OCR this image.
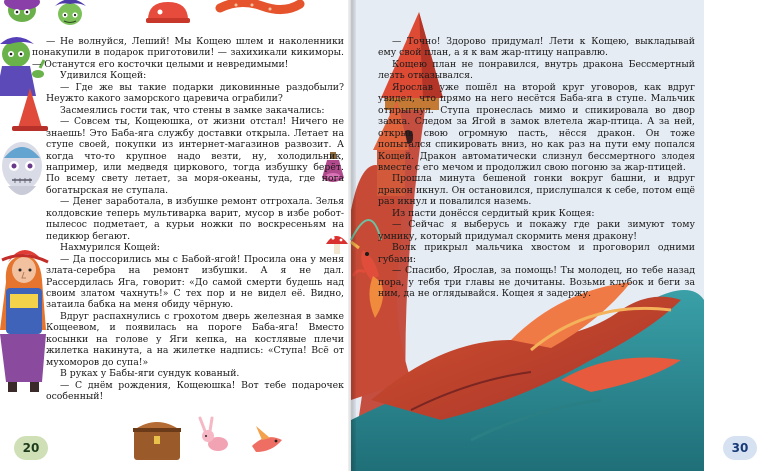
— Не волнуйся, Леший! Мы Кощею шлем и наколенники понакупили в подарок приготовили! — захихикали кикиморы. — Останутся его косточки целыми и невредимыми!

Удивился Кощей:

— Где же вы такие подарки диковинные раздобыли? Неужто какого заморского царевича ограбили?

Засмеялись гости так, что стены в замке закачались:

— Совсем ты, Кощеюшка, от жизни отстал! Ничего не знаешь! Это Баба-яга службу доставки открыла. Летает на ступе своей, покупки из интернет-магазинов развозит. А когда что-то крупное надо везти, ну, холодильник, например, или медведя циркового, тогда избушку берёт. По всему свету летает, за моря-океаны, туда, где нога богатырская не ступала.

— Денег заработала, в избушке ремонт отгрохала. Зелья колдовские теперь мультиварка варит, мусор в избе робот-пылесос подметает, а курьи ножки по воскресеньям на педикюр бегают.

Нахмурился Кощей:

— Да поссорились мы с Бабой-ягой! Просила она у меня злата-серебра на ремонт избушки. А я не дал. Рассердилась Яга, говорит: «До самой смерти будешь над своим златом чахнуть!» С тех пор и не видел её. Видно, затаила бабка на меня обиду чёрную.

Вдруг распахнулись с грохотом дверь железная в замке Кощеевом, и появилась на пороге Баба-яга! Вместо косынки на голове у Яги кепка, на костлявые плечи жилетка накинута, а на жилетке надпись: «Ступа! Всё от мухоморов до супа!»

В руках у Бабы-яги сундук кованый.

— С днём рождения, Кощеюшка! Вот тебе подарочек особенный!

20	30

— Точно! Здорово придумал! Лети к Кощею, выкладывай ему свой план, а я к вам жар-птицу направлю.

Кощею план не понравился, внутрь дракона Бессмертный лезть отказывался.

Ярослав уже пошёл на второй круг уговоров, как вдруг увидел, что прямо на него несётся Баба-яга в ступе. Мальчик отпрыгнул. Ступа пронеслась мимо и спикировала во двор замка. Следом за Ягой в замок влетела жар-птица. А за ней, открыв свою огромную пасть, нёсся дракон. Он тоже попытался спикировать вниз, но как раз на пути ему попался Кощей. Дракон автоматически слизнул бессмертного злодея вместе с его мечом и продолжил свою погоню за жар-птицей.

Прошла минута бешеной гонки вокруг башни, и вдруг дракон икнул. Он остановился, прислушался к себе, потом ещё раз икнул и повалился наземь.

Из пасти донёсся сердитый крик Кощея:

— Сейчас я выберусь и покажу где раки зимуют тому умнику, который придумал скормить меня дракону!

Волк прикрыл мальчика хвостом и проговорил одними губами:

— Спасибо, Ярослав, за помощь! Ты молодец, но тебе назад пора, у тебя три главы не дочитаны. Возьми клубок и беги за ним, да не оглядывайся. Кощея я задержу.
